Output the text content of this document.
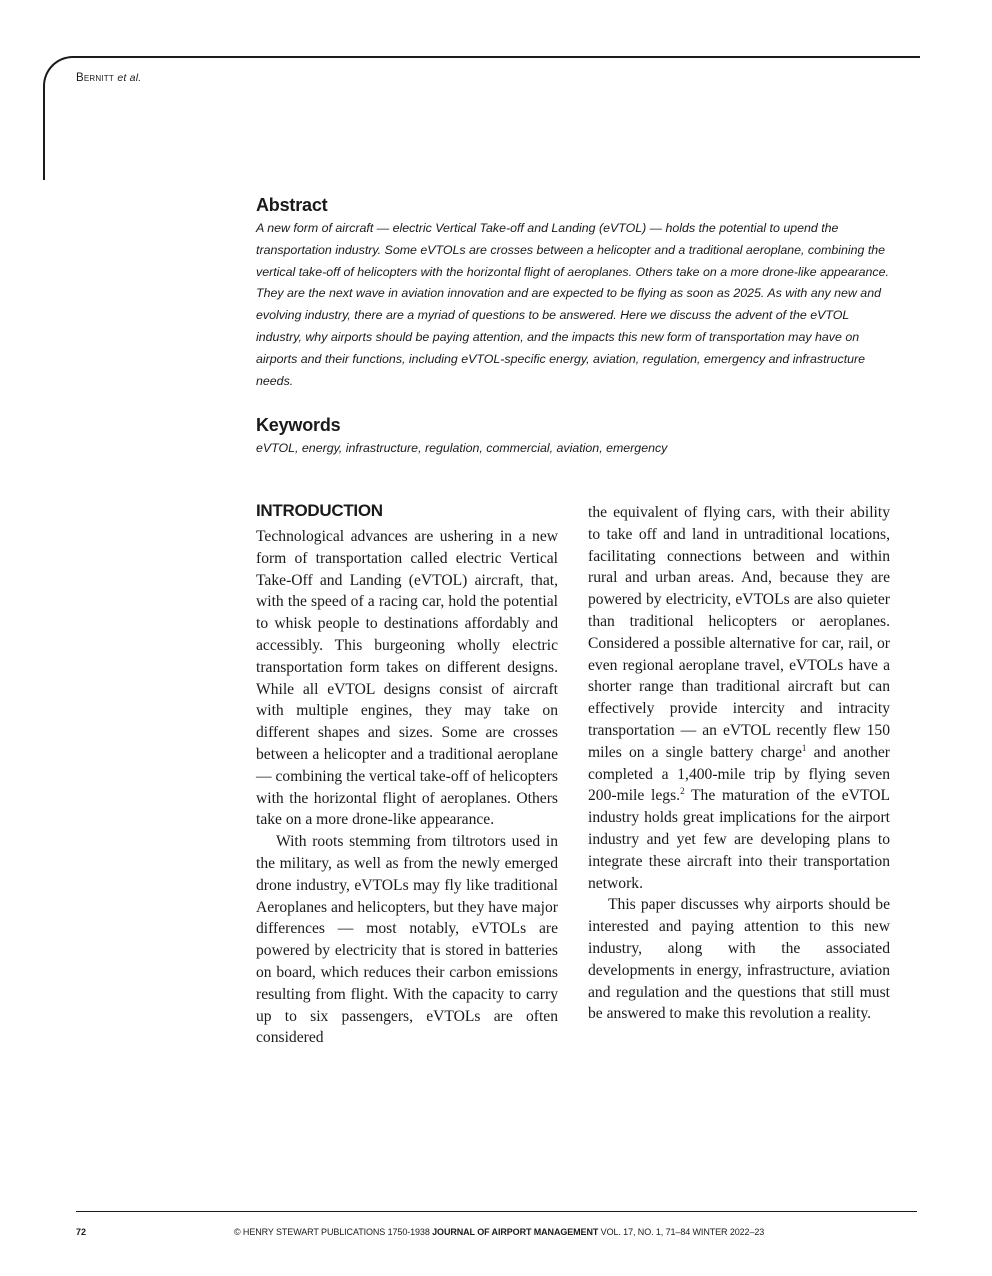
Bernitt et al.
Abstract

A new form of aircraft — electric Vertical Take-off and Landing (eVTOL) — holds the potential to upend the transportation industry. Some eVTOLs are crosses between a helicopter and a traditional aeroplane, combining the vertical take-off of helicopters with the horizontal flight of aeroplanes. Others take on a more drone-like appearance. They are the next wave in aviation innovation and are expected to be flying as soon as 2025. As with any new and evolving industry, there are a myriad of questions to be answered. Here we discuss the advent of the eVTOL industry, why airports should be paying attention, and the impacts this new form of transportation may have on airports and their functions, including eVTOL-specific energy, aviation, regulation, emergency and infrastructure needs.

Keywords

eVTOL, energy, infrastructure, regulation, commercial, aviation, emergency

INTRODUCTION

Technological advances are ushering in a new form of transportation called electric Vertical Take-Off and Landing (eVTOL) aircraft, that, with the speed of a racing car, hold the potential to whisk people to destinations affordably and accessibly. This burgeoning wholly electric transportation form takes on different designs. While all eVTOL designs consist of aircraft with multiple engines, they may take on different shapes and sizes. Some are crosses between a helicopter and a traditional aeroplane — combining the vertical take-off of helicopters with the horizontal flight of aeroplanes. Others take on a more drone-like appearance.

With roots stemming from tiltrotors used in the military, as well as from the newly emerged drone industry, eVTOLs may fly like traditional Aeroplanes and helicopters, but they have major differences — most notably, eVTOLs are powered by electricity that is stored in batteries on board, which reduces their carbon emissions resulting from flight. With the capacity to carry up to six passengers, eVTOLs are often considered

the equivalent of flying cars, with their ability to take off and land in untraditional locations, facilitating connections between and within rural and urban areas. And, because they are powered by electricity, eVTOLs are also quieter than traditional helicopters or aeroplanes. Considered a possible alternative for car, rail, or even regional aeroplane travel, eVTOLs have a shorter range than traditional aircraft but can effectively provide intercity and intracity transportation — an eVTOL recently flew 150 miles on a single battery charge$^1$ and another completed a 1,400-mile trip by flying seven 200-mile legs.$^2$ The maturation of the eVTOL industry holds great implications for the airport industry and yet few are developing plans to integrate these aircraft into their transportation network.

This paper discusses why airports should be interested and paying attention to this new industry, along with the associated developments in energy, infrastructure, aviation and regulation and the questions that still must be answered to make this revolution a reality.

72	© HENRY STEWART PUBLICATIONS 1750-1938 JOURNAL OF AIRPORT MANAGEMENT VOL. 17, NO. 1, 71–84 WINTER 2022–23
